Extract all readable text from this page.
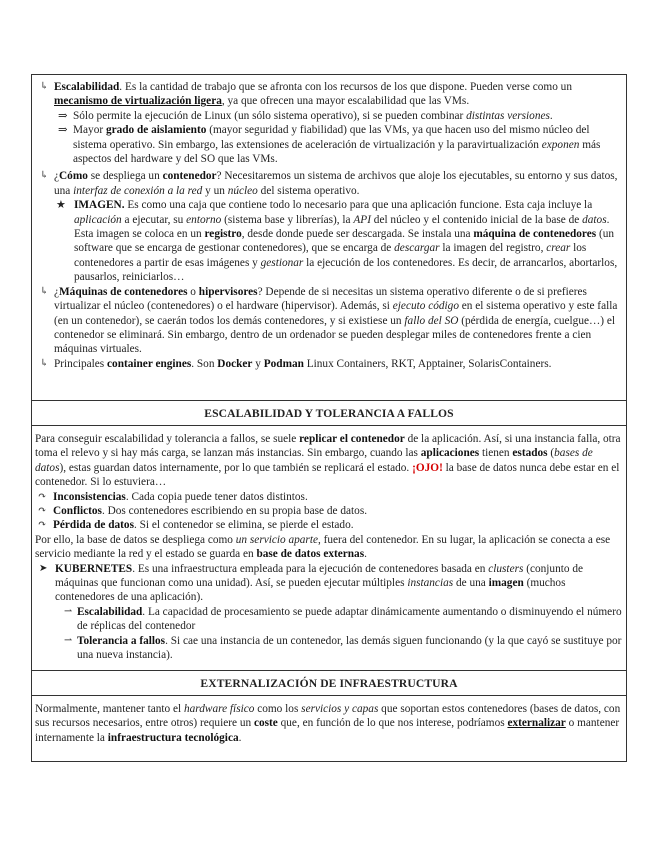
↳ Escalabilidad. Es la cantidad de trabajo que se afronta con los recursos de los que dispone. Pueden verse como un mecanismo de virtualización ligera, ya que ofrecen una mayor escalabilidad que las VMs.
⇒ Sólo permite la ejecución de Linux (un sólo sistema operativo), si se pueden combinar distintas versiones.
⇒ Mayor grado de aislamiento (mayor seguridad y fiabilidad) que las VMs, ya que hacen uso del mismo núcleo del sistema operativo. Sin embargo, las extensiones de aceleración de virtualización y la paravirtualización exponen más aspectos del hardware y del SO que las VMs.
↳ ¿Cómo se despliega un contenedor? Necesitaremos un sistema de archivos que aloje los ejecutables, su entorno y sus datos, una interfaz de conexión a la red y un núcleo del sistema operativo.
★ IMAGEN. Es como una caja que contiene todo lo necesario para que una aplicación funcione. Esta caja incluye la aplicación a ejecutar, su entorno (sistema base y librerías), la API del núcleo y el contenido inicial de la base de datos.
Esta imagen se coloca en un registro, desde donde puede ser descargada. Se instala una máquina de contenedores (un software que se encarga de gestionar contenedores), que se encarga de descargar la imagen del registro, crear los contenedores a partir de esas imágenes y gestionar la ejecución de los contenedores. Es decir, de arrancarlos, abortarlos, pausarlos, reiniciarlos…
↳ ¿Máquinas de contenedores o hipervisores? Depende de si necesitas un sistema operativo diferente o de si prefieres virtualizar el núcleo (contenedores) o el hardware (hipervisor). Además, si ejecuto código en el sistema operativo y este falla (en un contenedor), se caerán todos los demás contenedores, y si existiese un fallo del SO (pérdida de energía, cuelgue…) el contenedor se eliminará. Sin embargo, dentro de un ordenador se pueden desplegar miles de contenedores frente a cien máquinas virtuales.
↳ Principales container engines. Son Docker y Podman Linux Containers, RKT, Apptainer, SolarisContainers.
ESCALABILIDAD Y TOLERANCIA A FALLOS

Para conseguir escalabilidad y tolerancia a fallos, se suele replicar el contenedor de la aplicación. Así, si una instancia falla, otra toma el relevo y si hay más carga, se lanzan más instancias. Sin embargo, cuando las aplicaciones tienen estados (bases de datos), estas guardan datos internamente, por lo que también se replicará el estado. ¡OJO! la base de datos nunca debe estar en el contenedor. Si lo estuviera…

↷ Inconsistencias. Cada copia puede tener datos distintos.
↷ Conflictos. Dos contenedores escribiendo en su propia base de datos.
↷ Pérdida de datos. Si el contenedor se elimina, se pierde el estado.

Por ello, la base de datos se despliega como un servicio aparte, fuera del contenedor. En su lugar, la aplicación se conecta a ese servicio mediante la red y el estado se guarda en base de datos externas.

➤ KUBERNETES. Es una infraestructura empleada para la ejecución de contenedores basada en clusters (conjunto de máquinas que funcionan como una unidad). Así, se pueden ejecutar múltiples instancias de una imagen (muchos contenedores de una aplicación).
⇀ Escalabilidad. La capacidad de procesamiento se puede adaptar dinámicamente aumentando o disminuyendo el número de réplicas del contenedor
⇀ Tolerancia a fallos. Si cae una instancia de un contenedor, las demás siguen funcionando (y la que cayó se sustituye por una nueva instancia).
EXTERNALIZACIÓN DE INFRAESTRUCTURA

Normalmente, mantener tanto el hardware físico como los servicios y capas que soportan estos contenedores (bases de datos, con sus recursos necesarios, entre otros) requiere un coste que, en función de lo que nos interese, podríamos externalizar o mantener internamente la infraestructura tecnológica.
